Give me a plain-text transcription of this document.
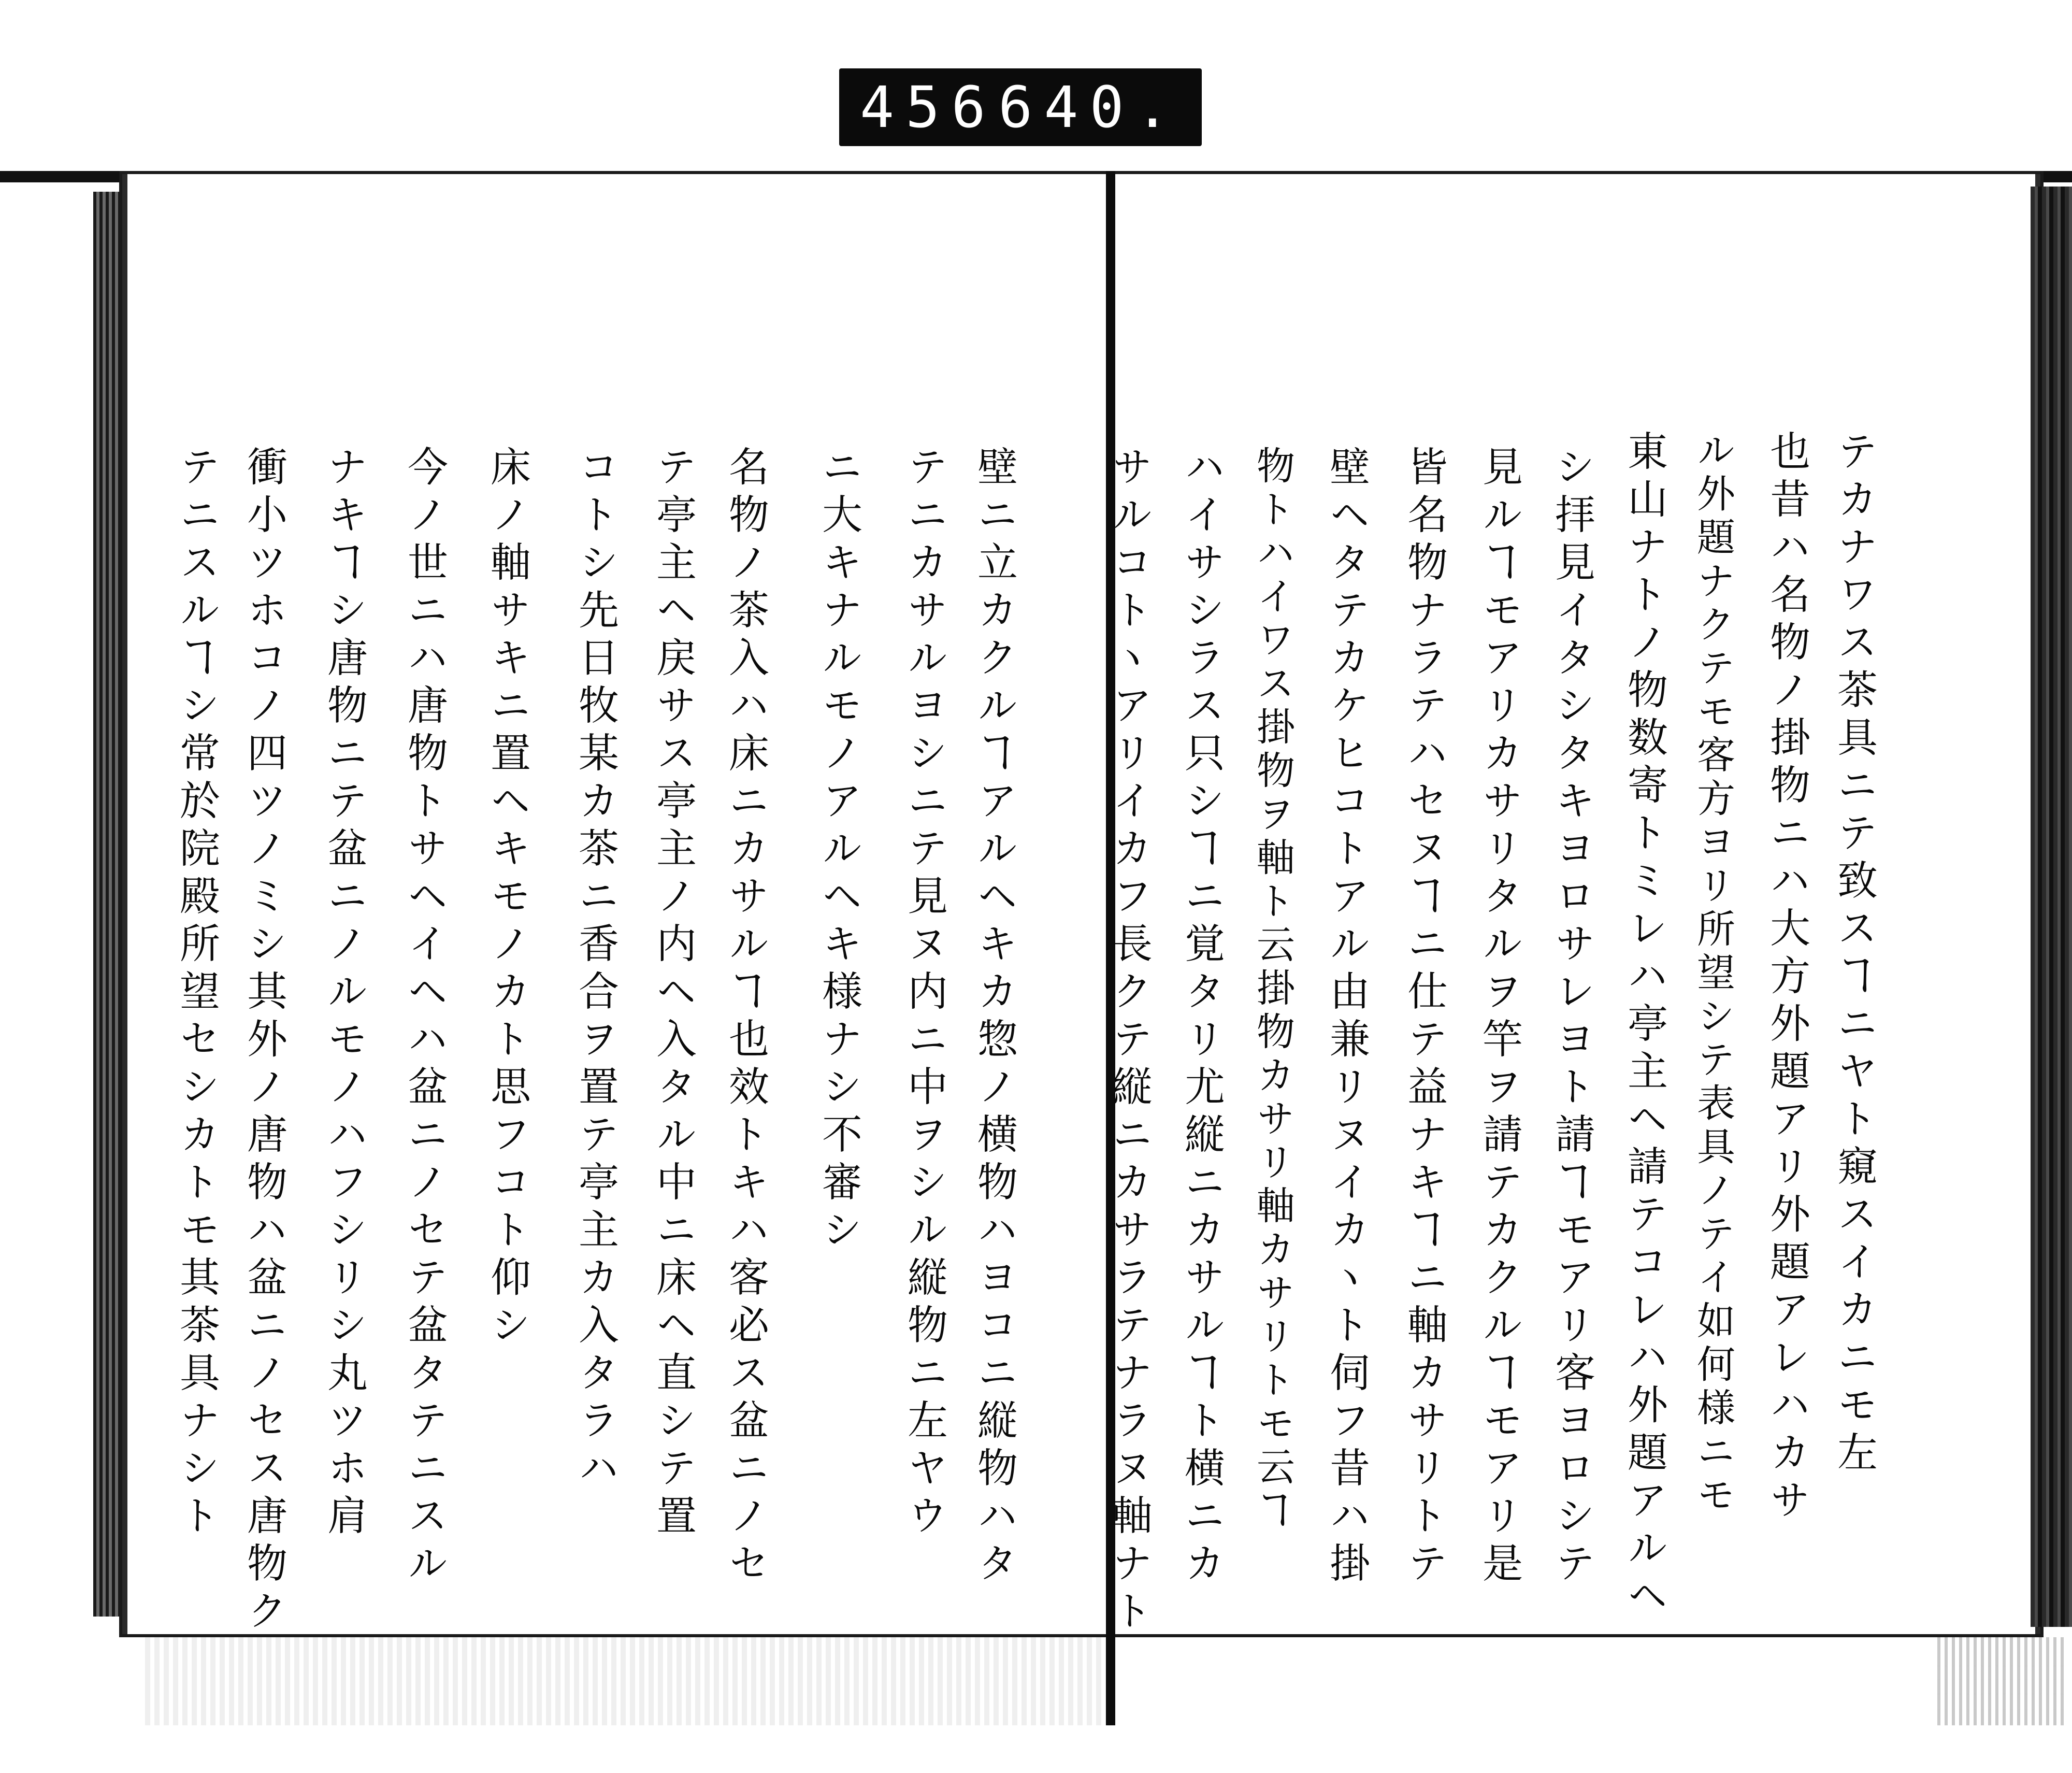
456 640.
テカナワス茶具ニテ致スヿニヤト窺スイカニモ左
也昔ハ名物ノ掛物ニハ大方外題アリ外題アレハカサ
ル外題ナクテモ客方ヨリ所望シテ表具ノテイ如何様ニモ
東山ナトノ物数寄トミレハ亭主ヘ請テコレハ外題アルヘ
シ拝見イタシタキヨロサレヨト請ヿモアリ客ヨロシテ
見ルヿモアリカサリタルヲ竿ヲ請テカクルヿモアリ是
皆名物ナラテハセヌヿニ仕テ益ナキヿニ軸カサリトテ
壁ヘタテカケヒコトアル由兼リヌイカヽト伺フ昔ハ掛
物トハイワス掛物ヲ軸ト云掛物カサリ軸カサリトモ云ヿ
ハイサシラス只シヿニ覚タリ尤縦ニカサルヿト横ニカ
サルコトヽアリイカフ長クテ縦ニカサラテナラヌ軸ナト
壁ニ立カクルヿアルヘキカ惣ノ横物ハヨコニ縦物ハタ
テニカサルヨシニテ見ヌ内ニ中ヲシル縦物ニ左ヤウ
ニ大キナルモノアルヘキ様ナシ不審シ
名物ノ茶入ハ床ニカサルヿ也效トキハ客必ス盆ニノセ
テ亭主ヘ戻サス亭主ノ内ヘ入タル中ニ床ヘ直シテ置
コトシ先日牧某カ茶ニ香合ヲ置テ亭主カ入タラハ
床ノ軸サキニ置ヘキモノカト思フコト仰シ
今ノ世ニハ唐物トサヘイヘハ盆ニノセテ盆タテニスル
ナキヿシ唐物ニテ盆ニノルモノハフシリシ丸ツホ肩
衝小ツホコノ四ツノミシ其外ノ唐物ハ盆ニノセス唐物ク
テニスルヿシ常於院殿所望セシカトモ其茶具ナシト
